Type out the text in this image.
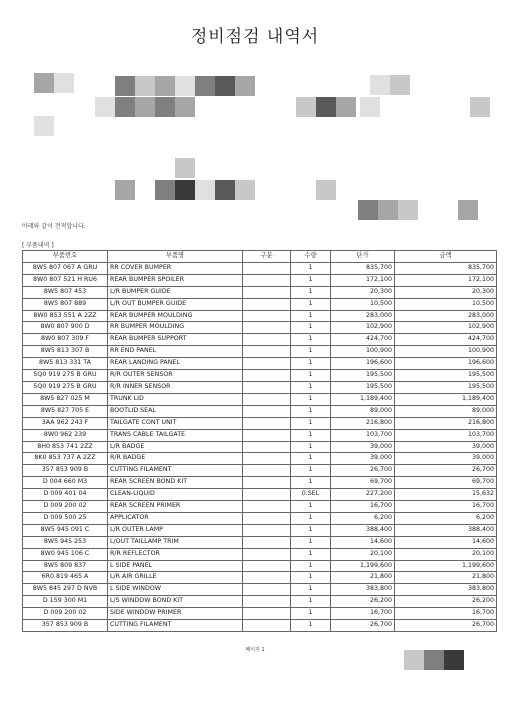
정비점검 내역서
아래와 같이 견적합니다.
[ 부품내역 ]
부품번호	부품명	구분	수량	단가	금액
8W5 807 067 A GRU	RR COVER BUMPER		1	835,700	835,700
8W0 807 521 H RU6	REAR BUMPER SPOILER		1	172,100	172,100
8W5 807 453	L/R BUMPER GUIDE		1	20,300	20,300
8W5 807 889	L/R OUT BUMPER GUIDE		1	10,500	10,500
8W0 853 551 A 2ZZ	REAR BUMPER MOULDING		1	283,000	283,000
8W0 807 900 D	RR BUMPER MOULDING		1	102,900	102,900
8W0 807 309 F	REAR BUMPER SUPPORT		1	424,700	424,700
8W5 813 307 B	RR END PANEL		1	100,900	100,900
8W5 813 331 TA	REAR LANDING PANEL		1	196,600	196,600
5Q0 919 275 B GRU	R/R OUTER SENSOR		1	195,500	195,500
5Q0 919 275 B GRU	R/R INNER SENSOR		1	195,500	195,500
8W5 827 025 M	TRUNK LID		1	1,189,400	1,189,400
8W5 827 705 E	BOOTLID SEAL		1	89,000	89,000
3AA 962 243 F	TAILGATE CONT UNIT		1	216,800	216,800
8W0 962 239	TRANS CABLE TAILGATE		1	103,700	103,700
8H0 853 741 2ZZ	L/R BADGE		1	39,000	39,000
8K0 853 737 A 2ZZ	R/R BADGE		1	39,000	39,000
357 853 909 B	CUTTING FILAMENT		1	26,700	26,700
D 004 660 M3	REAR SCREEN BOND KIT		1	69,700	69,700
D 009 401 04	CLEAN-LIQUID		0.SEL	227,200	15,632
D 009 200 02	REAR SCREEN PRIMER		1	16,700	16,700
D 009 500 25	APPLICATOR		1	6,200	6,200
8W5 945 091 C	L/R OUTER LAMP		1	388,400	388,400
8W5 945 253	L/OUT TAILLAMP TRIM		1	14,600	14,600
8W0 945 106 C	R/R REFLECTOR		1	20,100	20,100
8W5 809 837	L SIDE PANEL		1	1,199,600	1,199,600
6R0 819 465 A	L/R AIR GRILLE		1	21,800	21,800
8W5 845 297 D NVB	L SIDE WINDOW		1	383,800	383,800
D 159 300 M1	L/S WINDOW BOND KIT		1	26,200	26,200
D 009 200 02	SIDE WINDOW PRIMER		1	16,700	16,700
357 853 909 B	CUTTING FILAMENT		1	26,700	26,700
페이지 1
